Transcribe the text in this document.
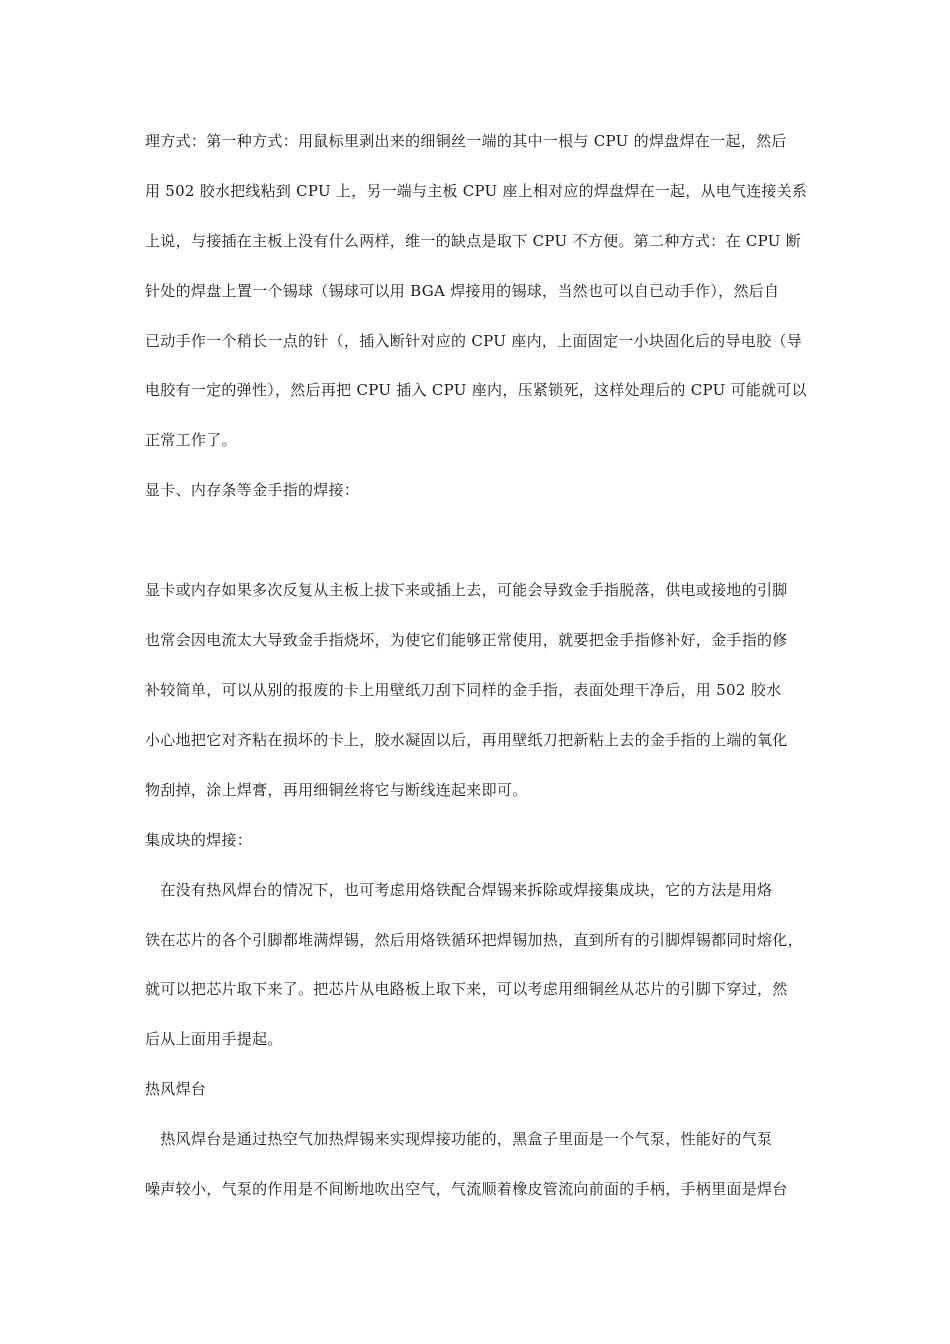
理方式：第一种方式：用鼠标里剥出来的细铜丝一端的其中一根与 CPU 的焊盘焊在一起，然后
用 502 胶水把线粘到 CPU 上，另一端与主板 CPU 座上相对应的焊盘焊在一起，从电气连接关系
上说，与接插在主板上没有什么两样，维一的缺点是取下 CPU 不方便。第二种方式：在 CPU 断
针处的焊盘上置一个锡球（锡球可以用 BGA 焊接用的锡球，当然也可以自已动手作），然后自
已动手作一个稍长一点的针（，插入断针对应的 CPU 座内，上面固定一小块固化后的导电胶（导
电胶有一定的弹性），然后再把 CPU 插入 CPU 座内，压紧锁死，这样处理后的 CPU 可能就可以
正常工作了。
显卡、内存条等金手指的焊接：
显卡或内存如果多次反复从主板上拔下来或插上去，可能会导致金手指脱落，供电或接地的引脚
也常会因电流太大导致金手指烧坏，为使它们能够正常使用，就要把金手指修补好，金手指的修
补较简单，可以从别的报废的卡上用壁纸刀刮下同样的金手指，表面处理干净后，用 502 胶水
小心地把它对齐粘在损坏的卡上，胶水凝固以后，再用壁纸刀把新粘上去的金手指的上端的氧化
物刮掉，涂上焊膏，再用细铜丝将它与断线连起来即可。
集成块的焊接：
　在没有热风焊台的情况下，也可考虑用烙铁配合焊锡来拆除或焊接集成块，它的方法是用烙
铁在芯片的各个引脚都堆满焊锡，然后用烙铁循环把焊锡加热，直到所有的引脚焊锡都同时熔化，
就可以把芯片取下来了。把芯片从电路板上取下来，可以考虑用细铜丝从芯片的引脚下穿过，然
后从上面用手提起。
热风焊台
　热风焊台是通过热空气加热焊锡来实现焊接功能的，黑盒子里面是一个气泵，性能好的气泵
噪声较小，气泵的作用是不间断地吹出空气，气流顺着橡皮管流向前面的手柄，手柄里面是焊台
